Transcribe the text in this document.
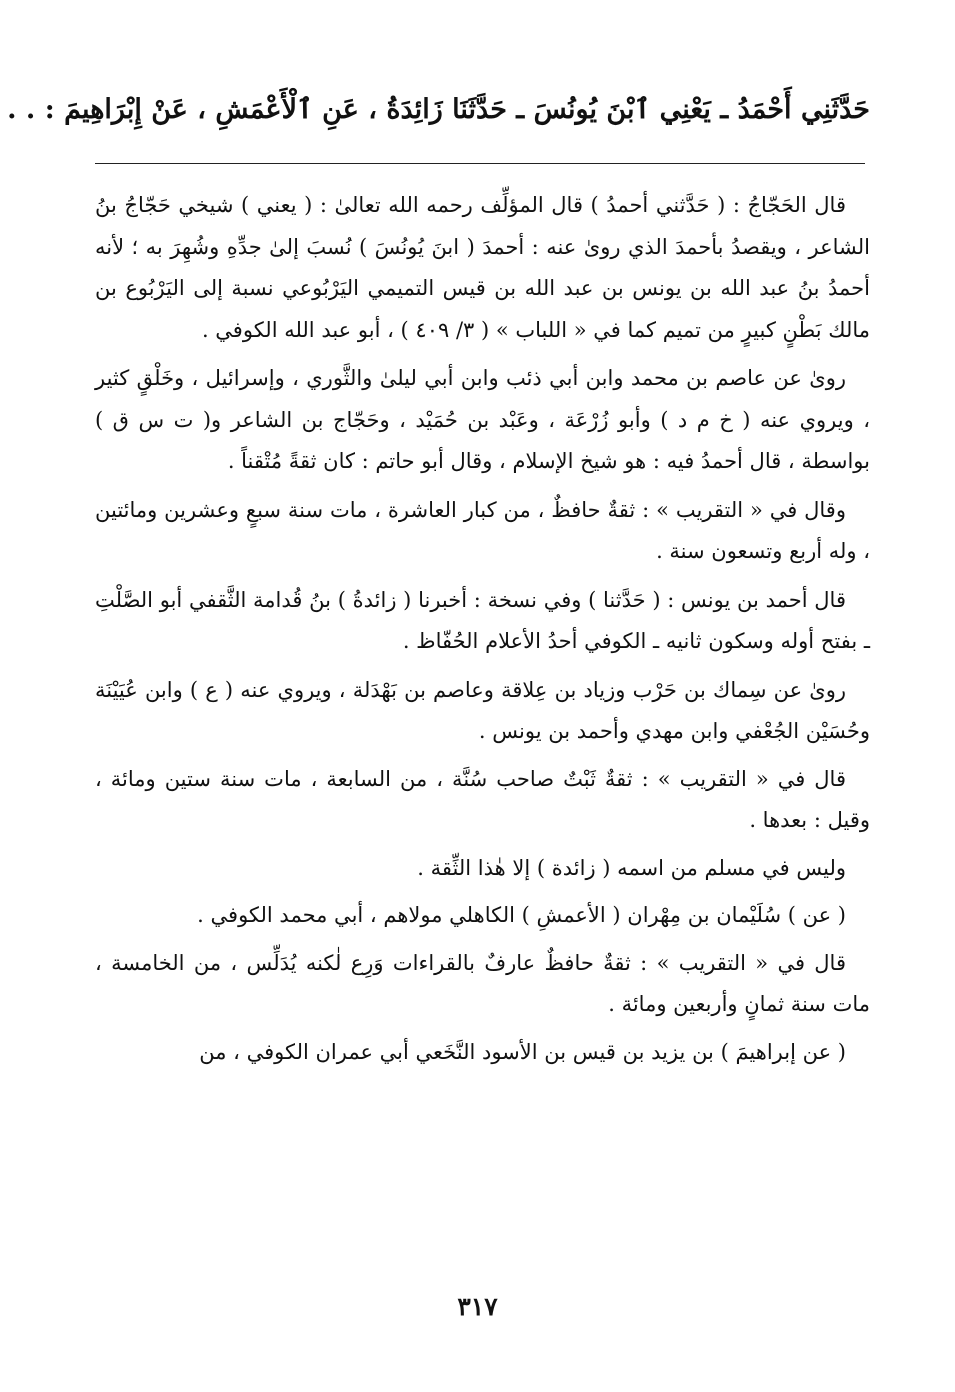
حَدَّثَنِي أَحْمَدُ ـ يَعْنِي ٱبْنَ يُونُسَ ـ حَدَّثَنَا زَائِدَةُ ، عَنِ ٱلْأَعْمَشِ ، عَنْ إِبْرَاهِيمَ : . .

قال الحَجّاجُ : ( حَدَّثني أحمدُ ) قال المؤلِّف رحمه الله تعالىٰ : ( يعني ) شيخي حَجّاجُ بنُ الشاعر ، ويقصدُ بأحمدَ الذي روىٰ عنه : أحمدَ ( ابنَ يُونُسَ ) نُسبَ إلىٰ جدِّهِ وشُهِرَ به ؛ لأنه أحمدُ بنُ عبد الله بن يونس بن عبد الله بن قيس التميمي اليَرْبُوعي نسبة إلى اليَرْبُوع بن مالك بَطْنٍ كبيرٍ من تميم كما في « اللباب » ( ٣/ ٤٠٩ ) ، أبو عبد الله الكوفي .

روىٰ عن عاصم بن محمد وابن أبي ذئب وابن أبي ليلىٰ والثَّوري ، وإسرائيل ، وخَلْقٍ كثير ، ويروي عنه ( خ م د ) وأبو زُرْعَة ، وعَبْد بن حُمَيْد ، وحَجّاج بن الشاعر و( ت س ق ) بواسطة ، قال أحمدُ فيه : هو شيخ الإسلام ، وقال أبو حاتم : كان ثقةً مُتْقناً .

وقال في « التقريب » : ثقةٌ حافظٌ ، من كبار العاشرة ، مات سنة سبعٍ وعشرين ومائتين ، وله أربع وتسعون سنة .

قال أحمد بن يونس : ( حَدَّثنا ) وفي نسخة : أخبرنا ( زائدةُ ) بنُ قُدامة الثَّقفي أبو الصَّلْتِ ـ بفتح أوله وسكون ثانيه ـ الكوفي أحدُ الأعلام الحُفّاظ .

روىٰ عن سِماك بن حَرْب وزياد بن عِلاقة وعاصم بن بَهْدَلة ، ويروي عنه ( ع ) وابن عُيَيْنَة وحُسَيْن الجُعْفي وابن مهدي وأحمد بن يونس .

قال في « التقريب » : ثقةٌ ثَبْتٌ صاحب سُنَّة ، من السابعة ، مات سنة ستين ومائة ، وقيل : بعدها .

وليس في مسلم من اسمه ( زائدة ) إلا هٰذا الثِّقة .

( عن ) سُلَيْمان بن مِهْران ( الأعمشِ ) الكاهلي مولاهم ، أبي محمد الكوفي .

قال في « التقريب » : ثقةٌ حافظٌ عارفٌ بالقراءات وَرِع لٰكنه يُدَلِّس ، من الخامسة ، مات سنة ثمانٍ وأربعين ومائة .

( عن إبراهيمَ ) بن يزيد بن قيس بن الأسود النَّخَعي أبي عمران الكوفي ، من

٣١٧
